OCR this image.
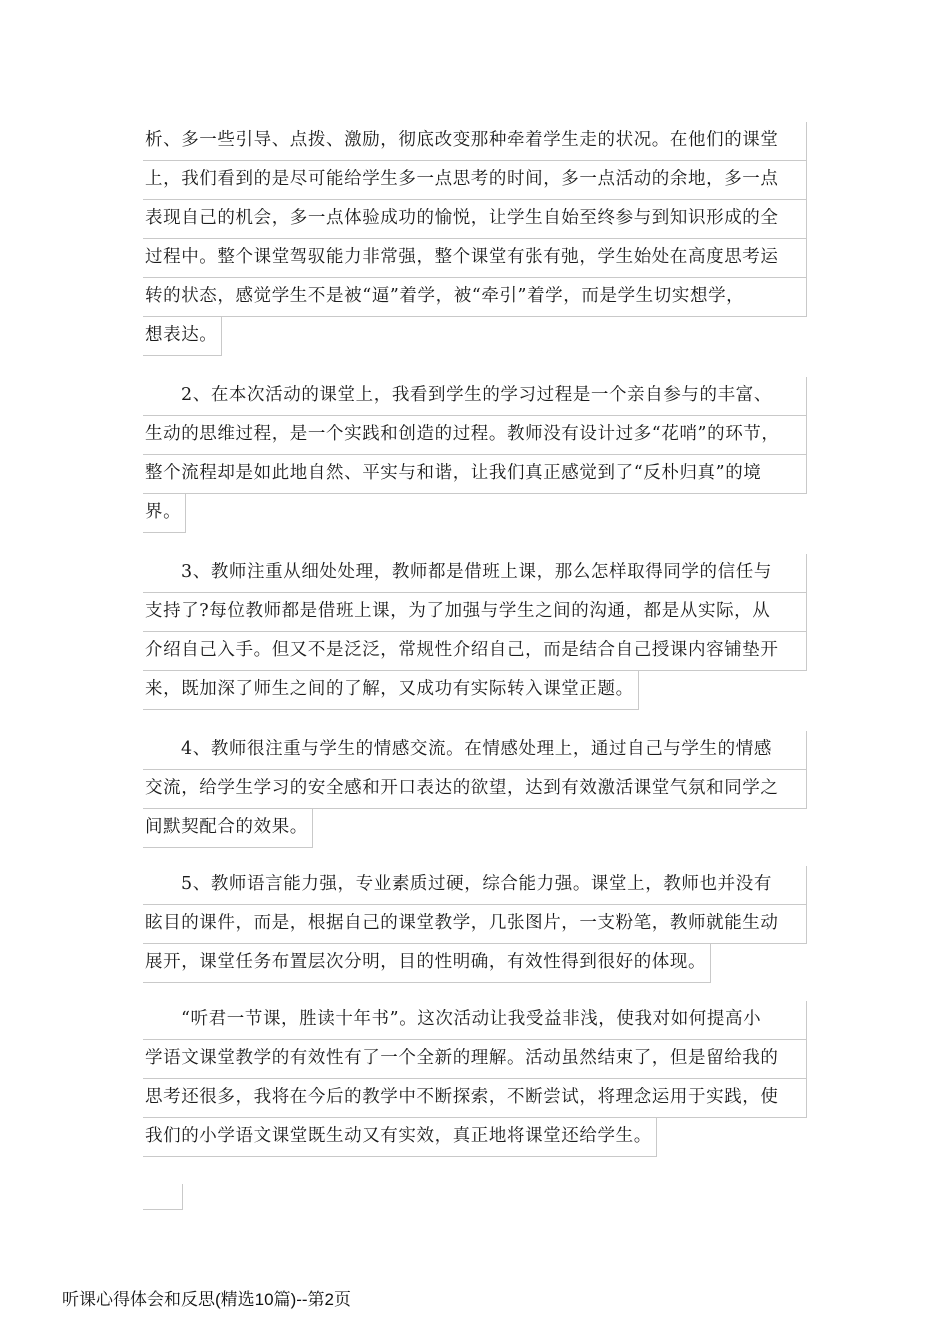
析、多一些引导、点拨、激励，彻底改变那种牵着学生走的状况。在他们的课堂
上，我们看到的是尽可能给学生多一点思考的时间，多一点活动的余地，多一点
表现自己的机会，多一点体验成功的愉悦，让学生自始至终参与到知识形成的全
过程中。整个课堂驾驭能力非常强，整个课堂有张有弛，学生始处在高度思考运
转的状态，感觉学生不是被“逼”着学，被“牵引”着学，而是学生切实想学，
想表达。
2、在本次活动的课堂上，我看到学生的学习过程是一个亲自参与的丰富、
生动的思维过程，是一个实践和创造的过程。教师没有设计过多“花哨”的环节，
整个流程却是如此地自然、平实与和谐，让我们真正感觉到了“反朴归真”的境
界。
3、教师注重从细处处理，教师都是借班上课，那么怎样取得同学的信任与
支持了?每位教师都是借班上课，为了加强与学生之间的沟通，都是从实际，从
介绍自己入手。但又不是泛泛，常规性介绍自己，而是结合自己授课内容铺垫开
来，既加深了师生之间的了解，又成功有实际转入课堂正题。
4、教师很注重与学生的情感交流。在情感处理上，通过自己与学生的情感
交流，给学生学习的安全感和开口表达的欲望，达到有效激活课堂气氛和同学之
间默契配合的效果。
5、教师语言能力强，专业素质过硬，综合能力强。课堂上，教师也并没有
眩目的课件，而是，根据自己的课堂教学，几张图片，一支粉笔，教师就能生动
展开，课堂任务布置层次分明，目的性明确，有效性得到很好的体现。
“听君一节课，胜读十年书”。这次活动让我受益非浅，使我对如何提高小
学语文课堂教学的有效性有了一个全新的理解。活动虽然结束了，但是留给我的
思考还很多，我将在今后的教学中不断探索，不断尝试，将理念运用于实践，使
我们的小学语文课堂既生动又有实效，真正地将课堂还给学生。
听课心得体会和反思(精选10篇)--第2页
